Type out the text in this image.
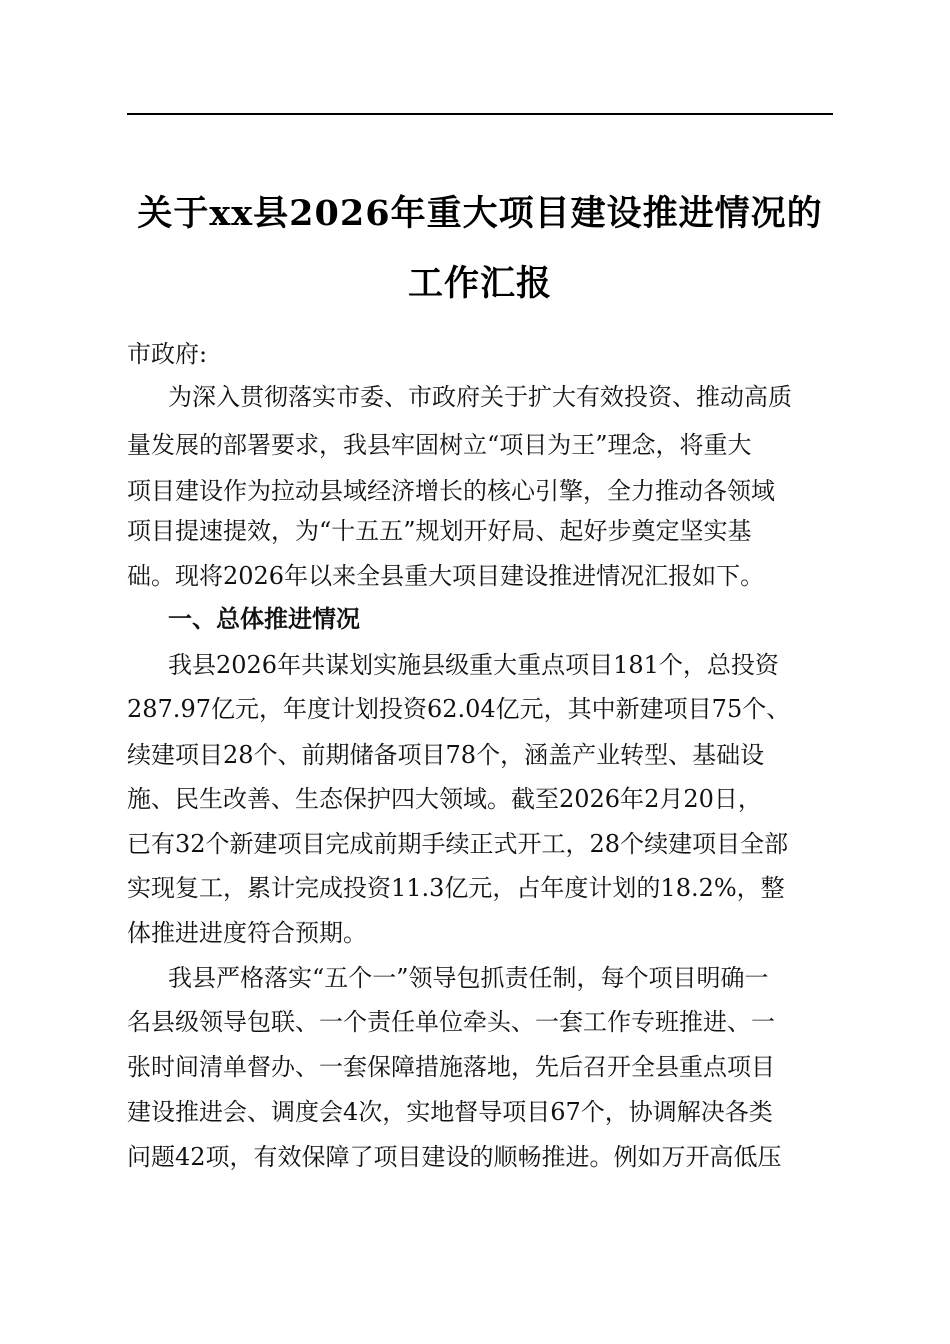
关于xx县2026年重大项目建设推进情况的
工作汇报
市政府:
为深入贯彻落实市委、市政府关于扩大有效投资、推动高质
量发展的部署要求，我县牢固树立“项目为王”理念，将重大
项目建设作为拉动县域经济增长的核心引擎，全力推动各领域
项目提速提效，为“十五五”规划开好局、起好步奠定坚实基
础。现将2026年以来全县重大项目建设推进情况汇报如下。
一、总体推进情况
我县2026年共谋划实施县级重大重点项目181个，总投资
287.97亿元，年度计划投资62.04亿元，其中新建项目75个、
续建项目28个、前期储备项目78个，涵盖产业转型、基础设
施、民生改善、生态保护四大领域。截至2026年2月20日，
已有32个新建项目完成前期手续正式开工，28个续建项目全部
实现复工，累计完成投资11.3亿元，占年度计划的18.2%，整
体推进进度符合预期。
我县严格落实“五个一”领导包抓责任制，每个项目明确一
名县级领导包联、一个责任单位牵头、一套工作专班推进、一
张时间清单督办、一套保障措施落地，先后召开全县重点项目
建设推进会、调度会4次，实地督导项目67个，协调解决各类
问题42项，有效保障了项目建设的顺畅推进。例如万开高低压
